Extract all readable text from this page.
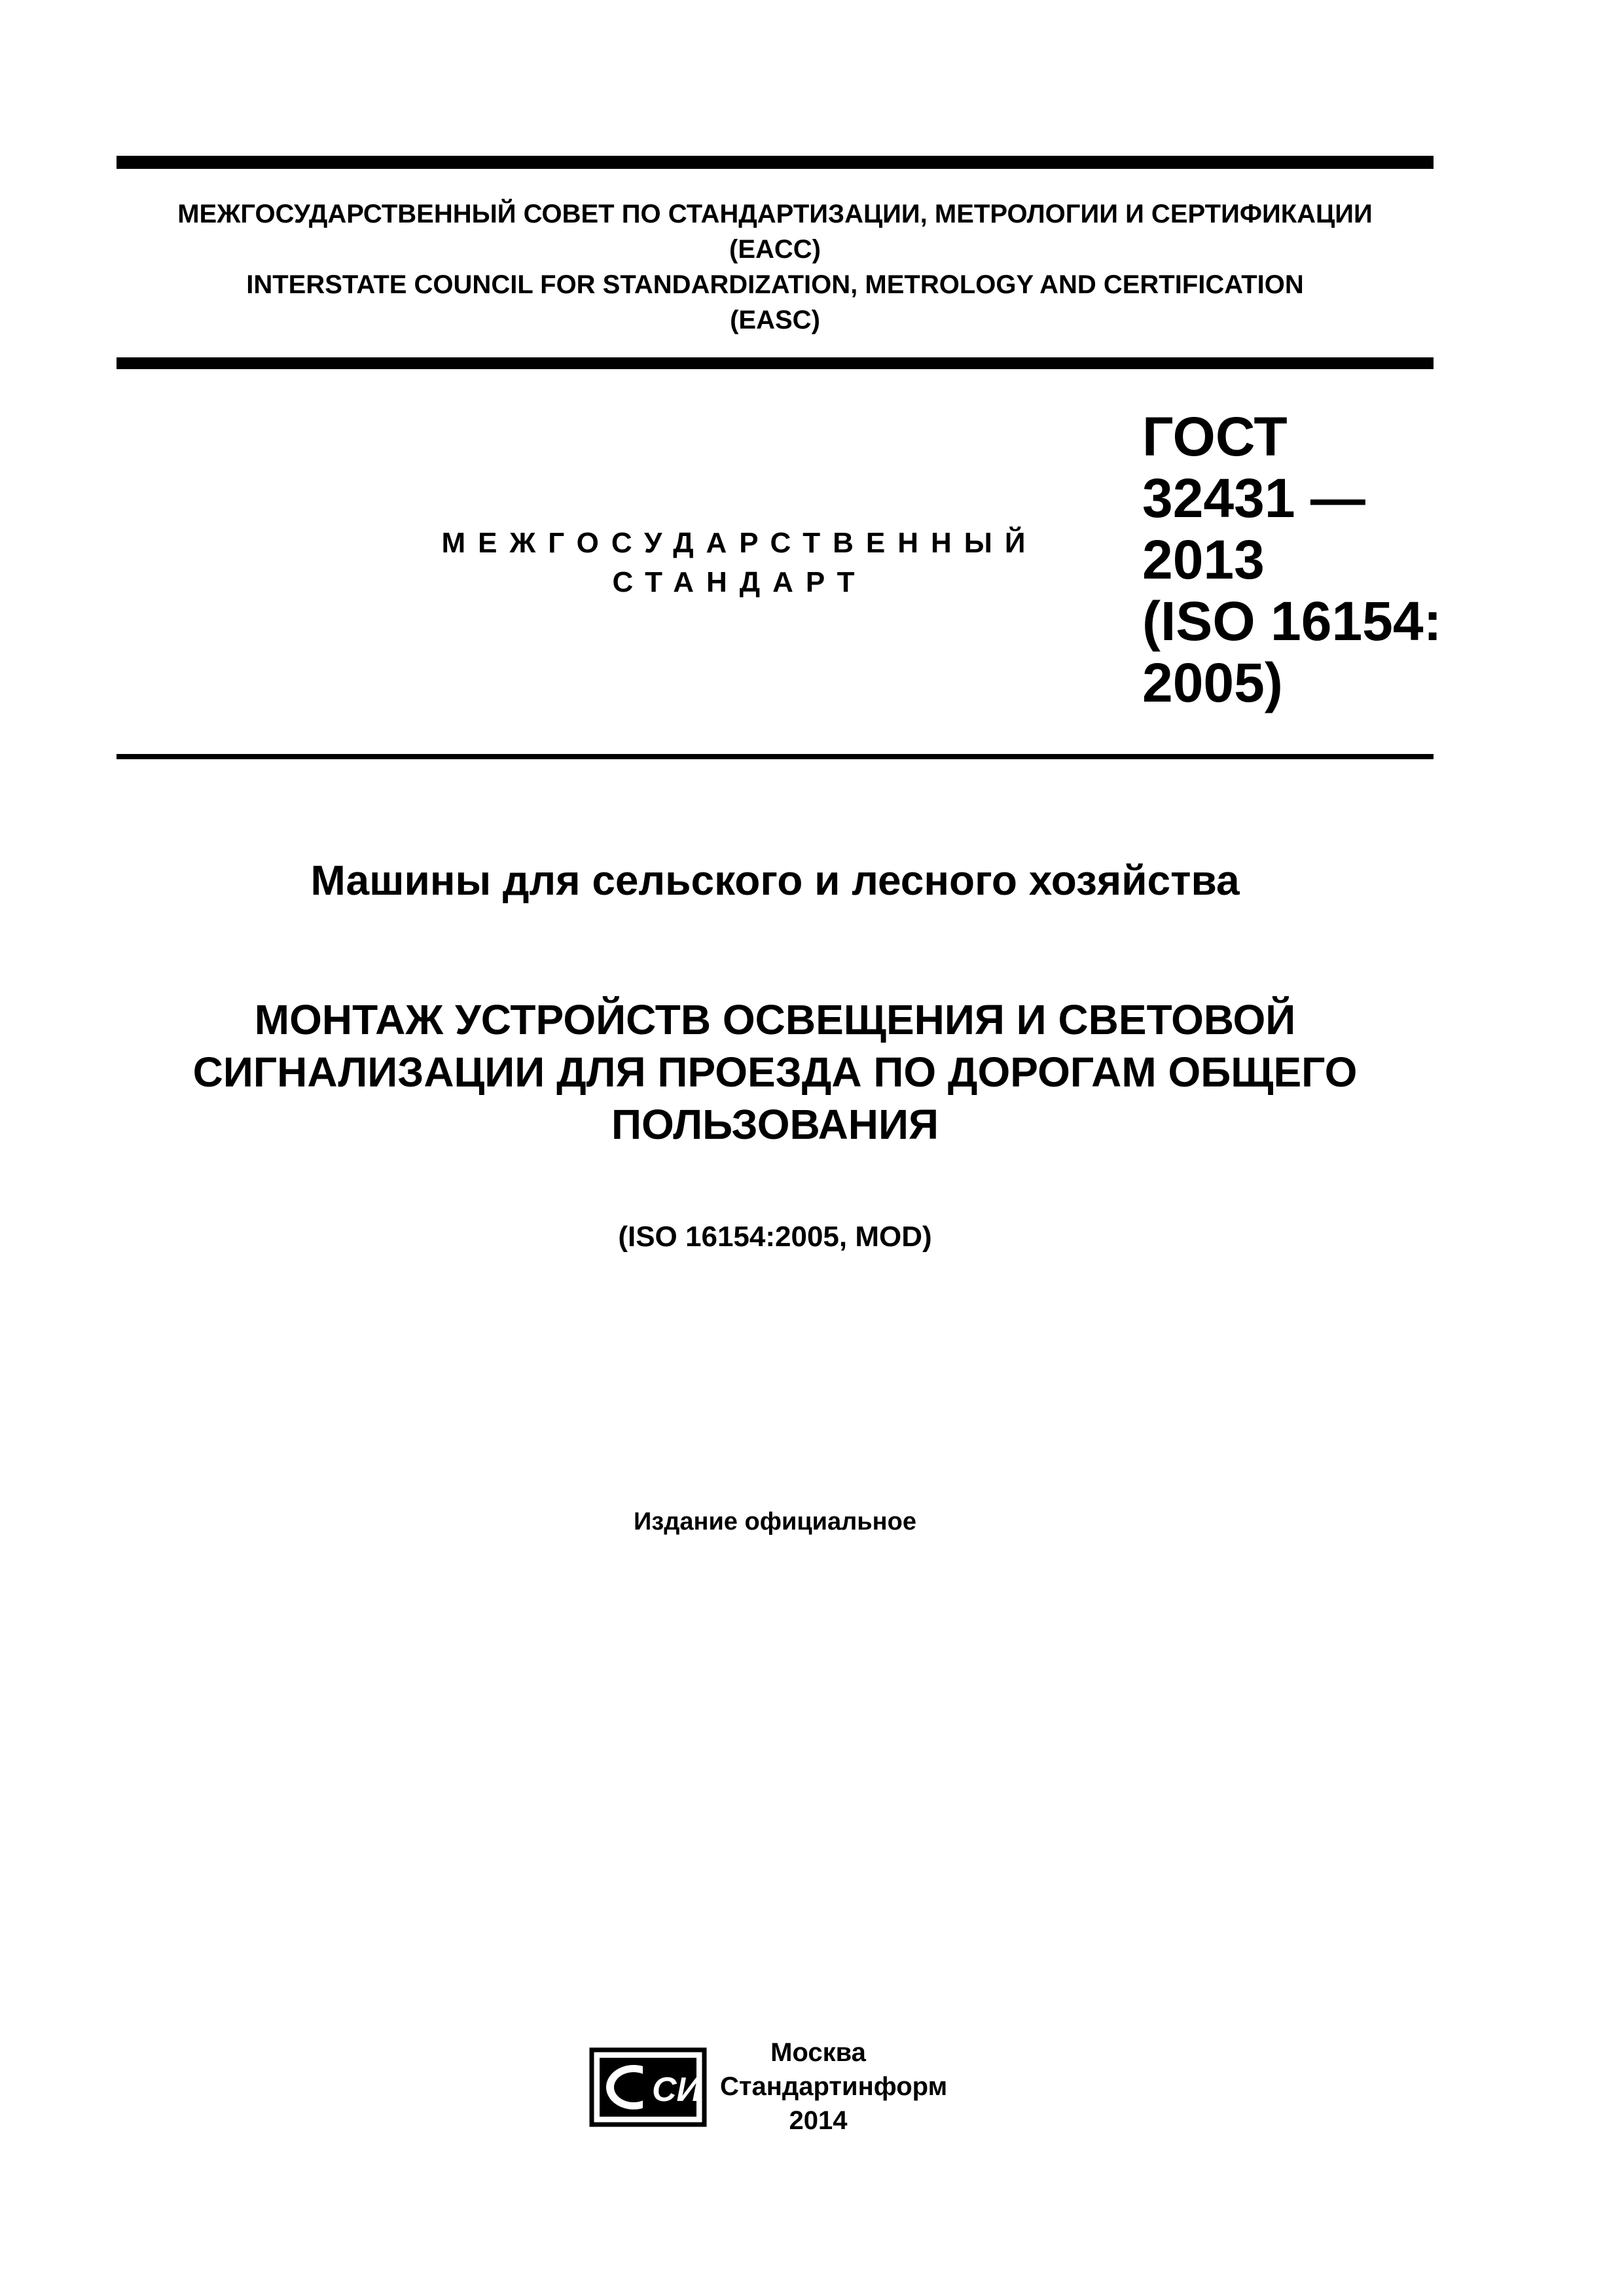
МЕЖГОСУДАРСТВЕННЫЙ СОВЕТ ПО СТАНДАРТИЗАЦИИ, МЕТРОЛОГИИ И СЕРТИФИКАЦИИ
(EACC)
INTERSTATE COUNCIL FOR STANDARDIZATION, METROLOGY AND CERTIFICATION
(EASC)
МЕЖГОСУДАРСТВЕННЫЙ
СТАНДАРТ
ГОСТ
32431 —
2013
(ISO 16154:
2005)
Машины для сельского и лесного хозяйства
МОНТАЖ УСТРОЙСТВ ОСВЕЩЕНИЯ И СВЕТОВОЙ
СИГНАЛИЗАЦИИ ДЛЯ ПРОЕЗДА ПО ДОРОГАМ ОБЩЕГО
ПОЛЬЗОВАНИЯ
(ISO 16154:2005, MOD)
Издание официальное
СИ
Москва
Стандартинформ
2014
